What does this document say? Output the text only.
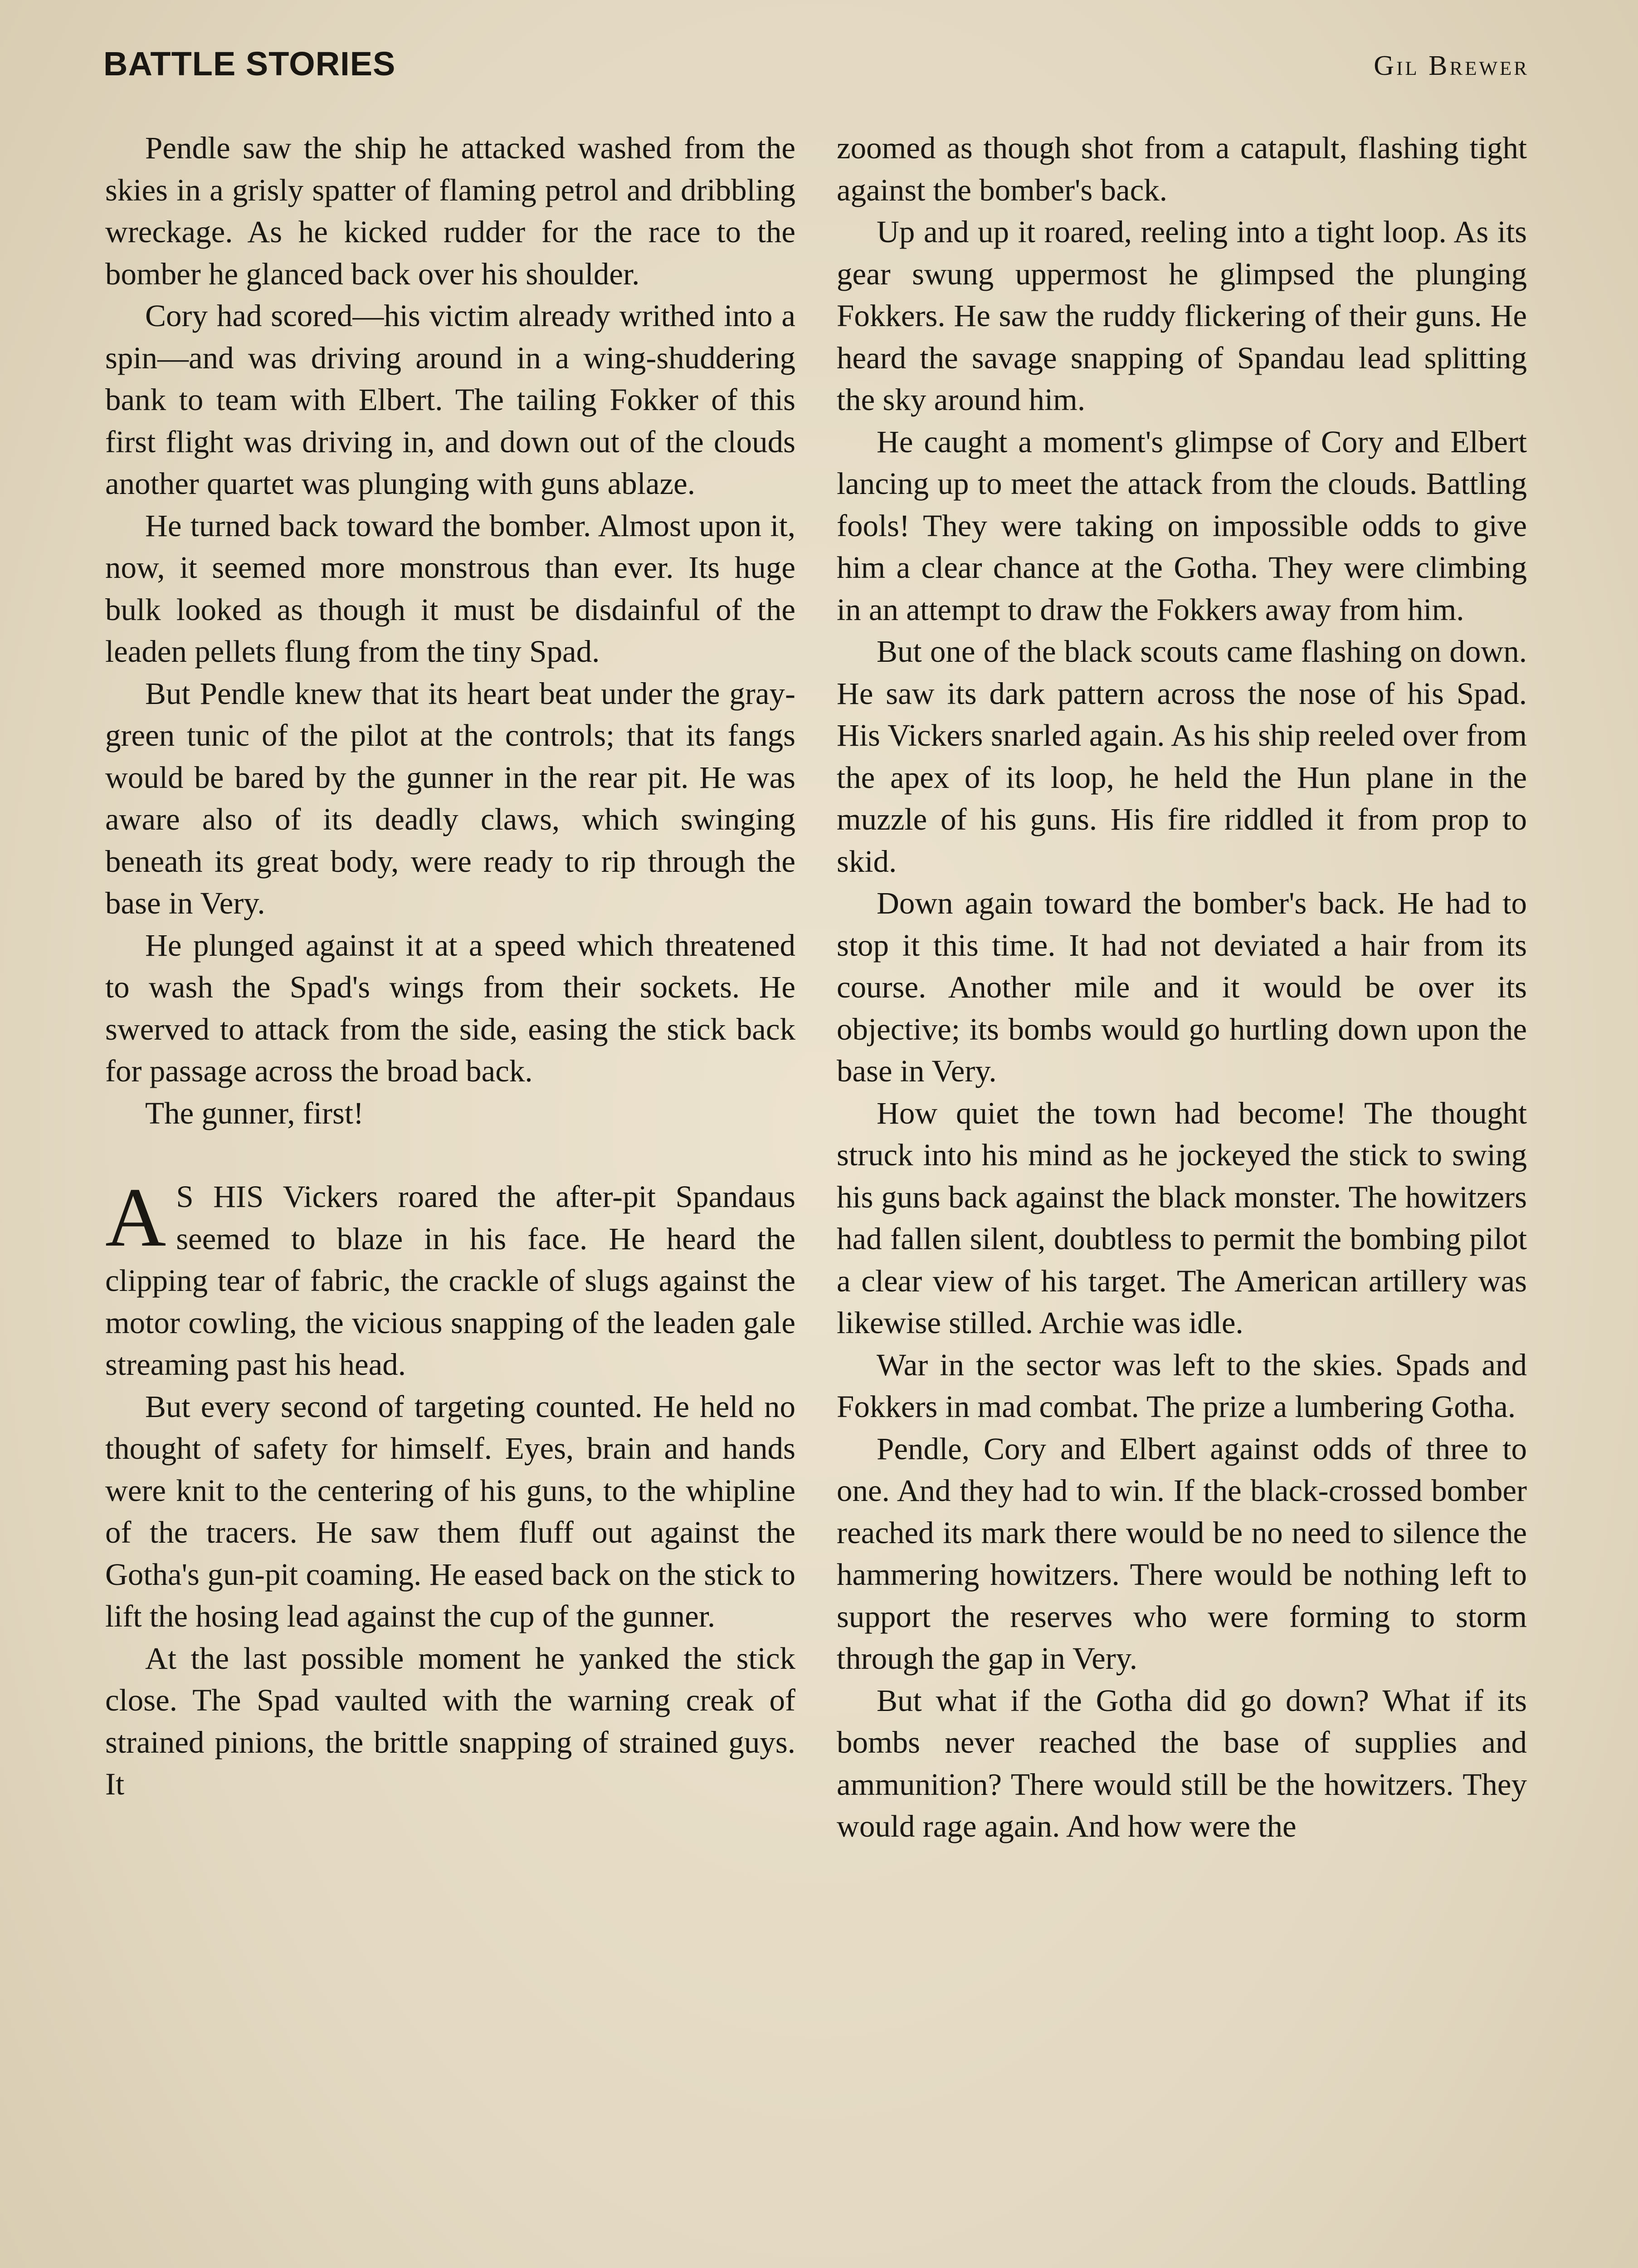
BATTLE STORIES	Gil Brewer

Pendle saw the ship he attacked washed from the skies in a grisly spatter of flaming petrol and dribbling wreckage. As he kicked rudder for the race to the bomber he glanced back over his shoulder.

Cory had scored—his victim already writhed into a spin—and was driving around in a wing-shuddering bank to team with Elbert. The tailing Fokker of this first flight was driving in, and down out of the clouds another quartet was plunging with guns ablaze.

He turned back toward the bomber. Almost upon it, now, it seemed more monstrous than ever. Its huge bulk looked as though it must be disdainful of the leaden pellets flung from the tiny Spad.

But Pendle knew that its heart beat under the gray-green tunic of the pilot at the controls; that its fangs would be bared by the gunner in the rear pit. He was aware also of its deadly claws, which swinging beneath its great body, were ready to rip through the base in Very.

He plunged against it at a speed which threatened to wash the Spad's wings from their sockets. He swerved to attack from the side, easing the stick back for passage across the broad back.

The gunner, first!

A S HIS Vickers roared the after-pit Spandaus seemed to blaze in his face. He heard the clipping tear of fabric, the crackle of slugs against the motor cowling, the vicious snapping of the leaden gale streaming past his head.

But every second of targeting counted. He held no thought of safety for himself. Eyes, brain and hands were knit to the centering of his guns, to the whipline of the tracers. He saw them fluff out against the Gotha's gun-pit coaming. He eased back on the stick to lift the hosing lead against the cup of the gunner.

At the last possible moment he yanked the stick close. The Spad vaulted with the warning creak of strained pinions, the brittle snapping of strained guys. It

zoomed as though shot from a catapult, flashing tight against the bomber's back.

Up and up it roared, reeling into a tight loop. As its gear swung uppermost he glimpsed the plunging Fokkers. He saw the ruddy flickering of their guns. He heard the savage snapping of Spandau lead splitting the sky around him.

He caught a moment's glimpse of Cory and Elbert lancing up to meet the attack from the clouds. Battling fools! They were taking on impossible odds to give him a clear chance at the Gotha. They were climbing in an attempt to draw the Fokkers away from him.

But one of the black scouts came flashing on down. He saw its dark pattern across the nose of his Spad. His Vickers snarled again. As his ship reeled over from the apex of its loop, he held the Hun plane in the muzzle of his guns. His fire riddled it from prop to skid.

Down again toward the bomber's back. He had to stop it this time. It had not deviated a hair from its course. Another mile and it would be over its objective; its bombs would go hurtling down upon the base in Very.

How quiet the town had become! The thought struck into his mind as he jockeyed the stick to swing his guns back against the black monster. The howitzers had fallen silent, doubtless to permit the bombing pilot a clear view of his target. The American artillery was likewise stilled. Archie was idle.

War in the sector was left to the skies. Spads and Fokkers in mad combat. The prize a lumbering Gotha.

Pendle, Cory and Elbert against odds of three to one. And they had to win. If the black-crossed bomber reached its mark there would be no need to silence the hammering howitzers. There would be nothing left to support the reserves who were forming to storm through the gap in Very.

But what if the Gotha did go down? What if its bombs never reached the base of supplies and ammunition? There would still be the howitzers. They would rage again. And how were the
